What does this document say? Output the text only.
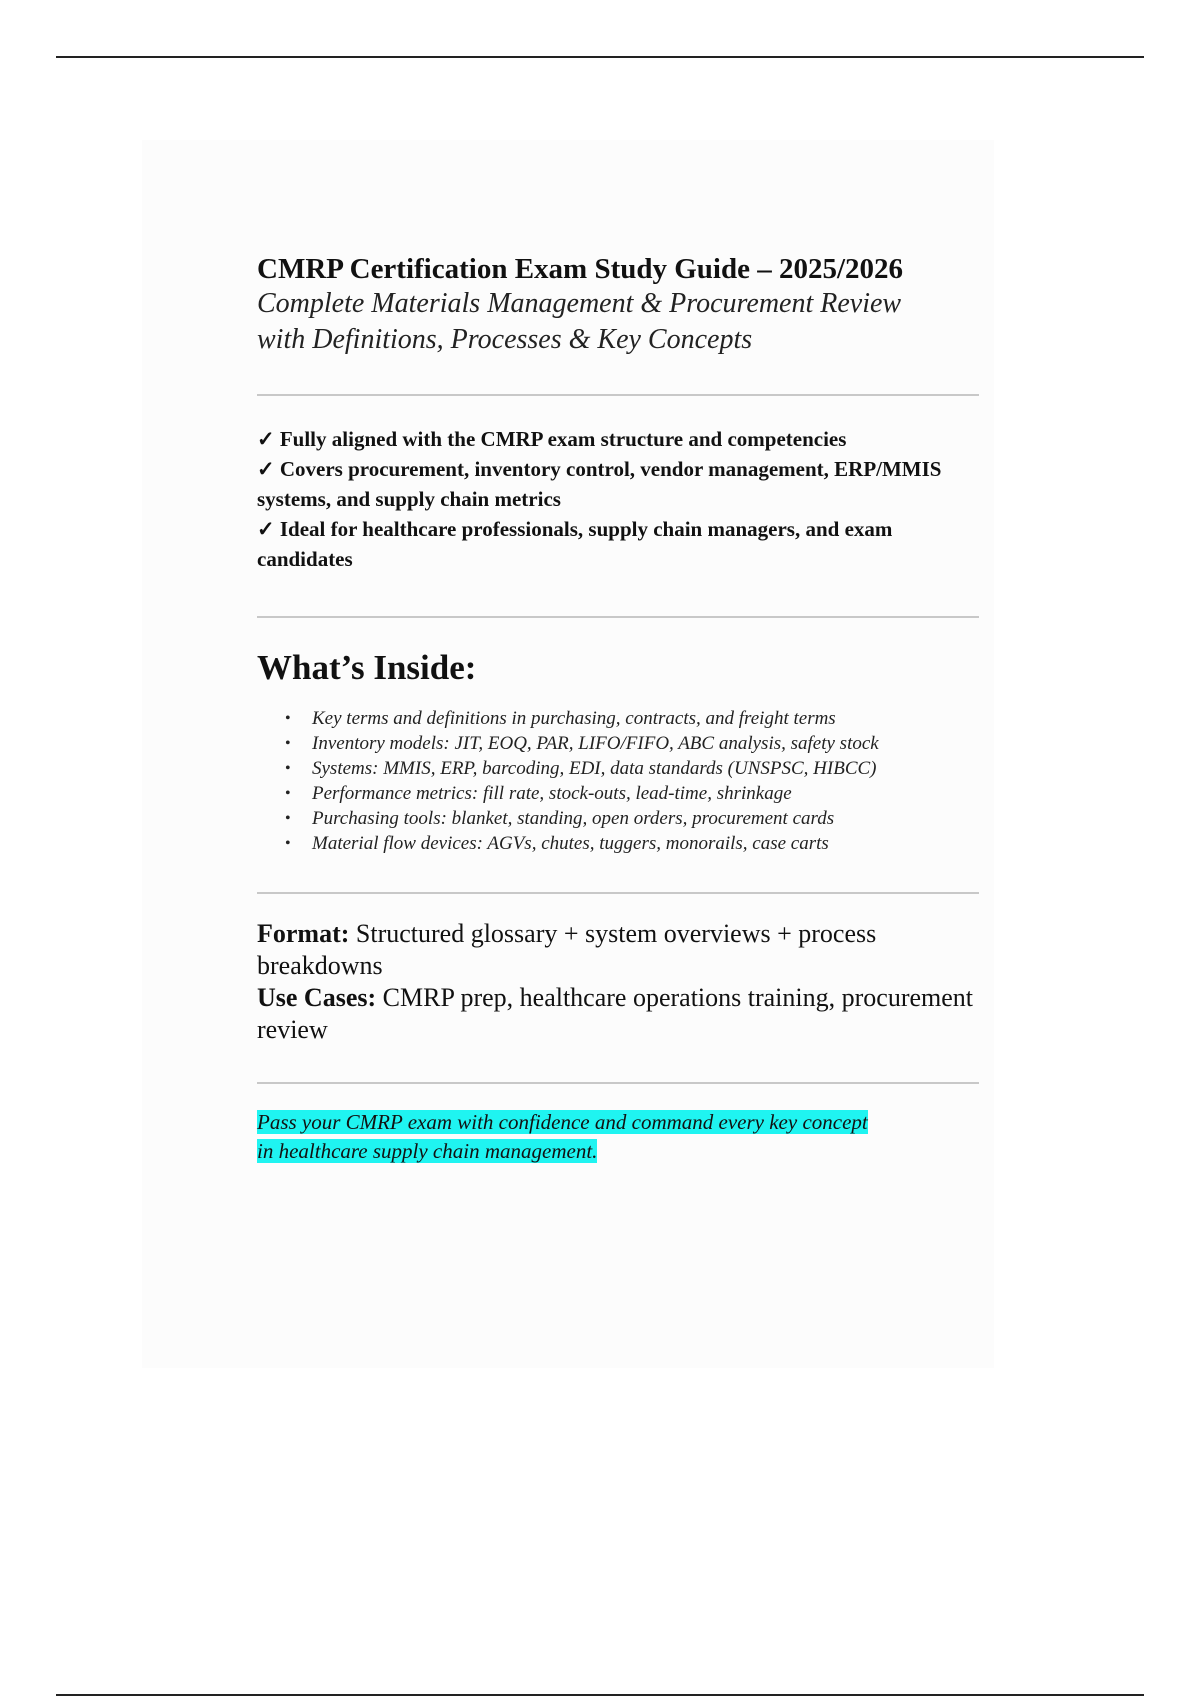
CMRP Certification Exam Study Guide – 2025/2026

Complete Materials Management & Procurement Review

with Definitions, Processes & Key Concepts

✓ Fully aligned with the CMRP exam structure and competencies
✓ Covers procurement, inventory control, vendor management, ERP/MMIS systems, and supply chain metrics
✓ Ideal for healthcare professionals, supply chain managers, and exam candidates
What’s Inside:
• Key terms and definitions in purchasing, contracts, and freight terms
• Inventory models: JIT, EOQ, PAR, LIFO/FIFO, ABC analysis, safety stock
• Systems: MMIS, ERP, barcoding, EDI, data standards (UNSPSC, HIBCC)
• Performance metrics: fill rate, stock-outs, lead-time, shrinkage
• Purchasing tools: blanket, standing, open orders, procurement cards
• Material flow devices: AGVs, chutes, tuggers, monorails, case carts

Format: Structured glossary + system overviews + process breakdowns

Use Cases: CMRP prep, healthcare operations training, procurement review

Pass your CMRP exam with confidence and command every key concept
in healthcare supply chain management.
